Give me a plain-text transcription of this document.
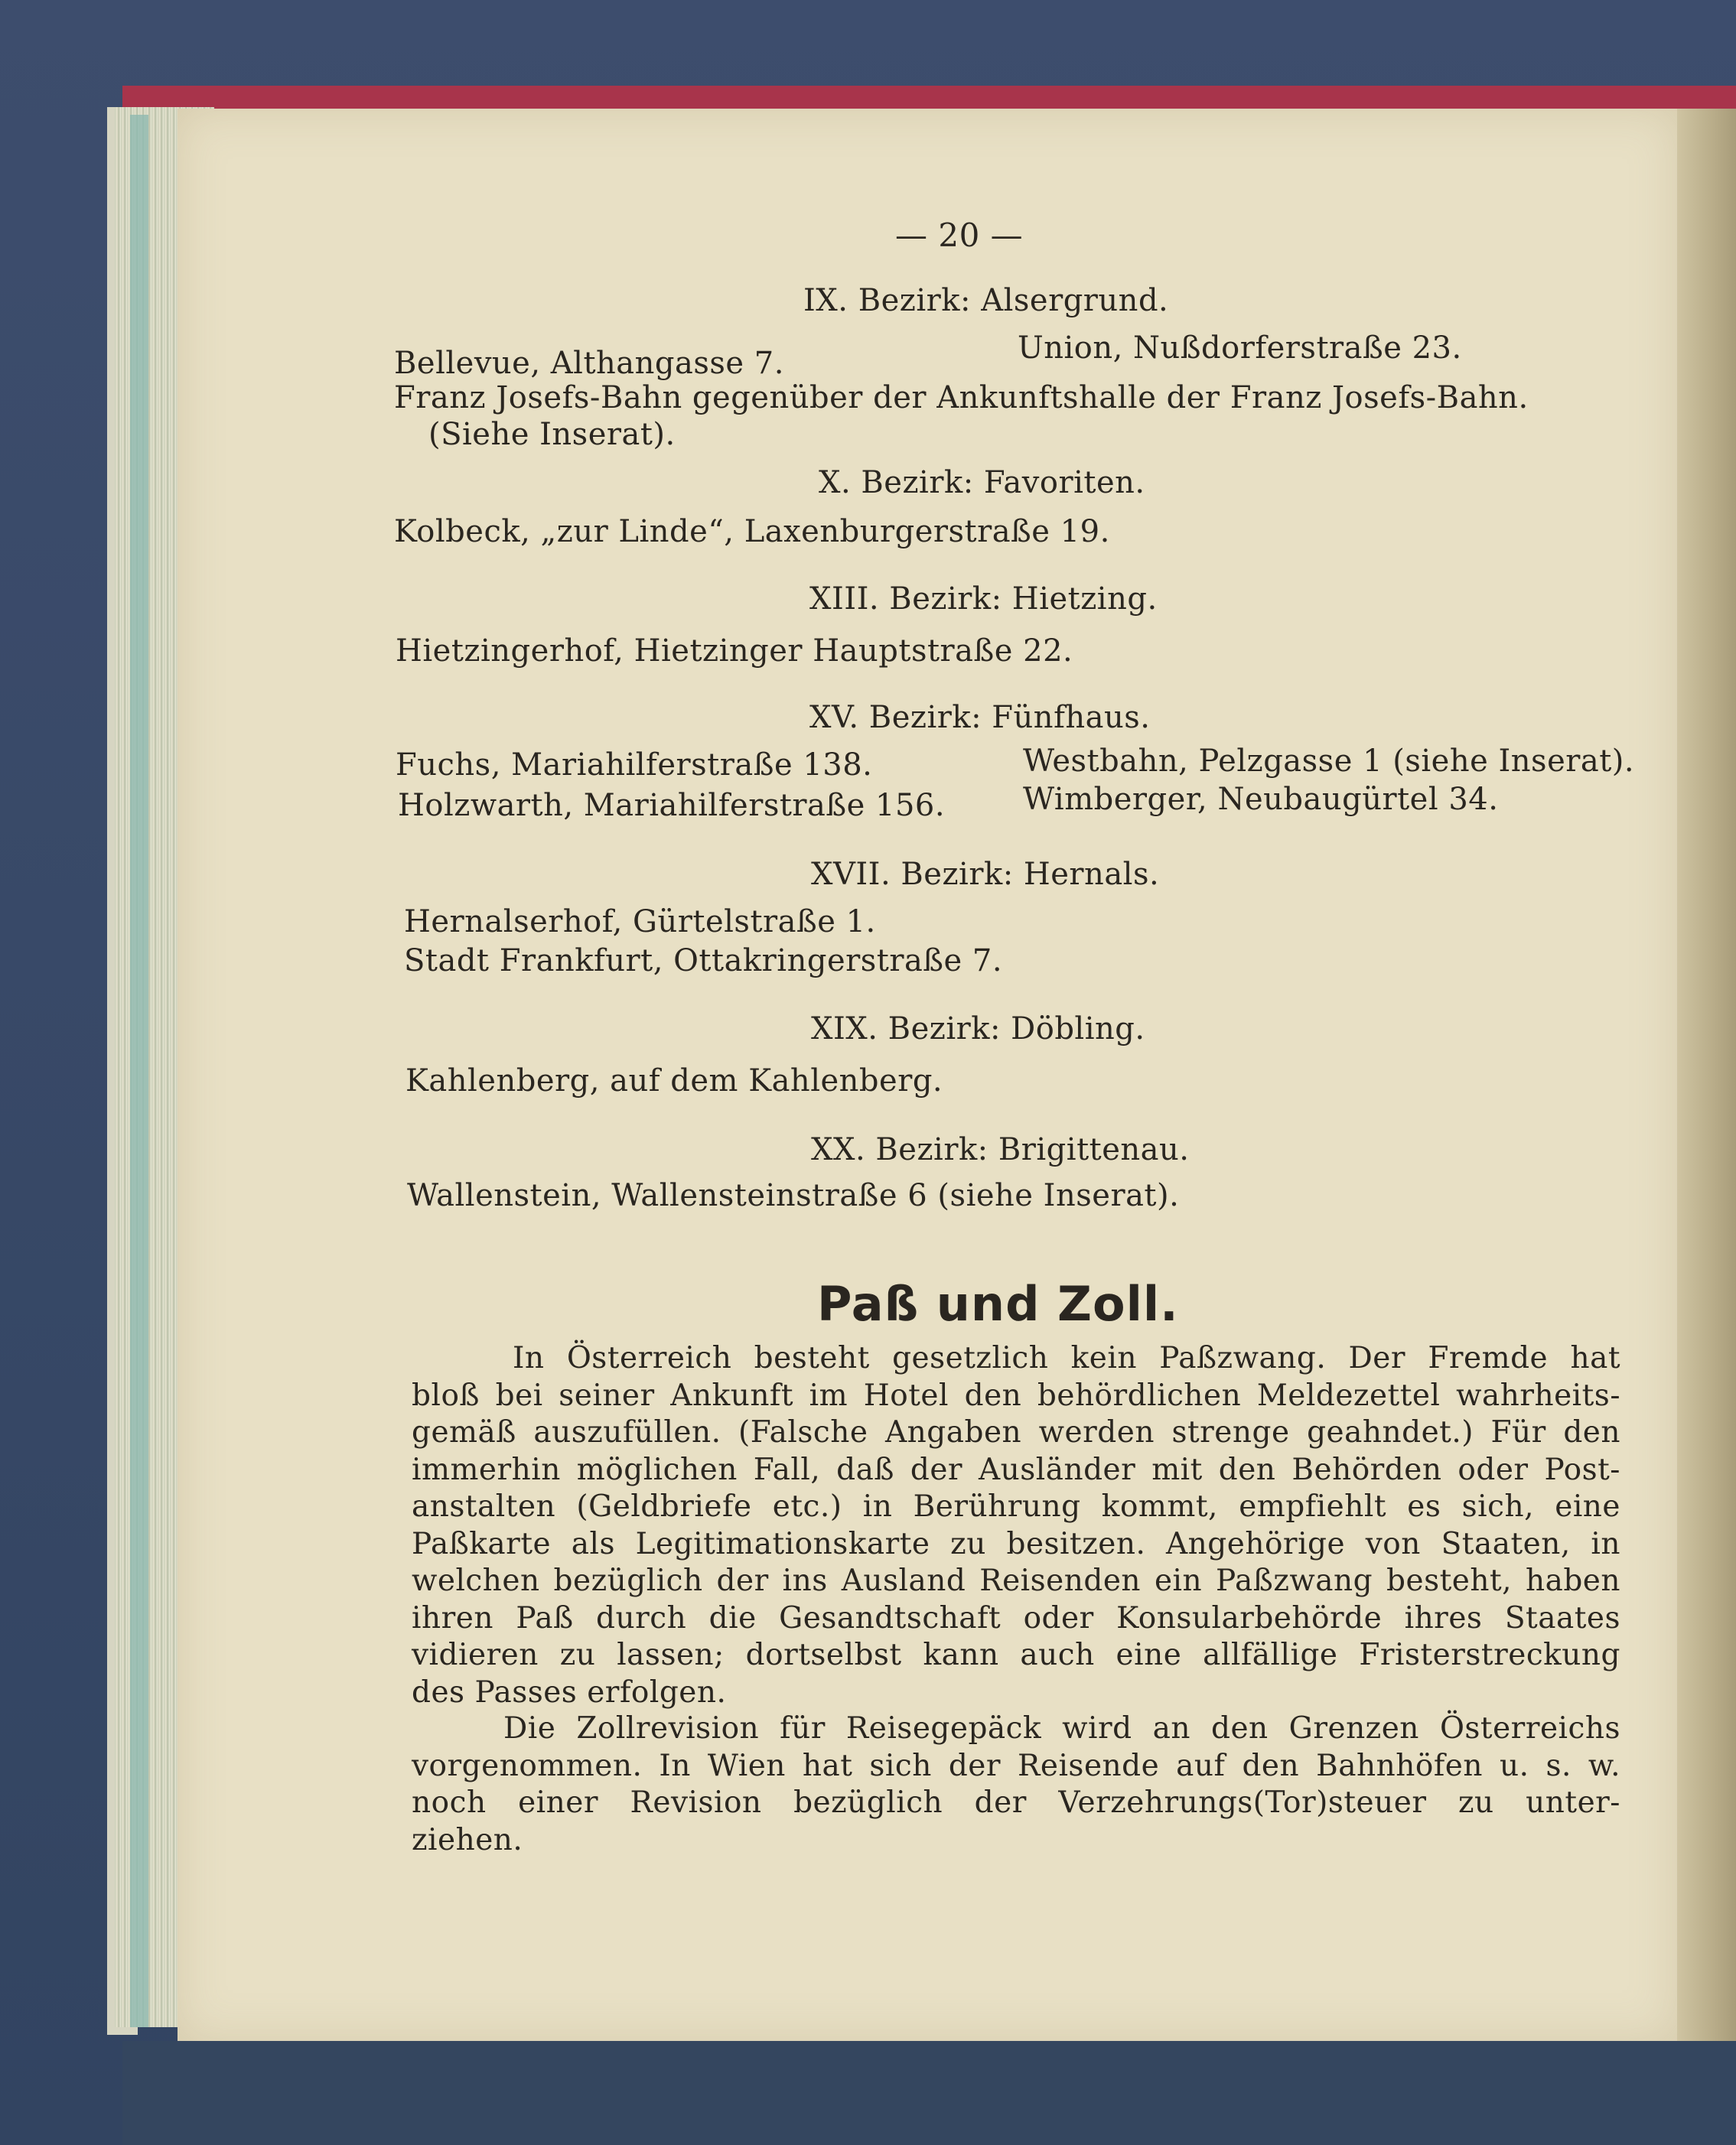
— 20 —
IX. Bezirk: Alsergrund.
Bellevue, Althangasse 7.	Union, Nußdorferstraße 23.
Franz Josefs-Bahn gegenüber der Ankunftshalle der Franz Josefs-Bahn.
(Siehe Inserat).
X. Bezirk: Favoriten.
Kolbeck, „zur Linde“, Laxenburgerstraße 19.
XIII. Bezirk: Hietzing.
Hietzingerhof, Hietzinger Hauptstraße 22.
XV. Bezirk: Fünfhaus.
Fuchs, Mariahilferstraße 138.	Westbahn, Pelzgasse 1 (siehe Inserat).
Holzwarth, Mariahilferstraße 156.	Wimberger, Neubaugürtel 34.
XVII. Bezirk: Hernals.
Hernalserhof, Gürtelstraße 1.
Stadt Frankfurt, Ottakringerstraße 7.
XIX. Bezirk: Döbling.
Kahlenberg, auf dem Kahlenberg.
XX. Bezirk: Brigittenau.
Wallenstein, Wallensteinstraße 6 (siehe Inserat).
Paß und Zoll.
In Österreich besteht gesetzlich kein Paßzwang. Der Fremde hat
bloß bei seiner Ankunft im Hotel den behördlichen Meldezettel wahrheits-
gemäß auszufüllen. (Falsche Angaben werden strenge geahndet.) Für den
immerhin möglichen Fall, daß der Ausländer mit den Behörden oder Post-
anstalten (Geldbriefe etc.) in Berührung kommt, empfiehlt es sich, eine
Paßkarte als Legitimationskarte zu besitzen. Angehörige von Staaten, in
welchen bezüglich der ins Ausland Reisenden ein Paßzwang besteht, haben
ihren Paß durch die Gesandtschaft oder Konsularbehörde ihres Staates
vidieren zu lassen; dortselbst kann auch eine allfällige Fristerstreckung
des Passes erfolgen.
Die Zollrevision für Reisegepäck wird an den Grenzen Österreichs
vorgenommen. In Wien hat sich der Reisende auf den Bahnhöfen u. s. w.
noch einer Revision bezüglich der Verzehrungs(Tor)steuer zu unter-
ziehen.
